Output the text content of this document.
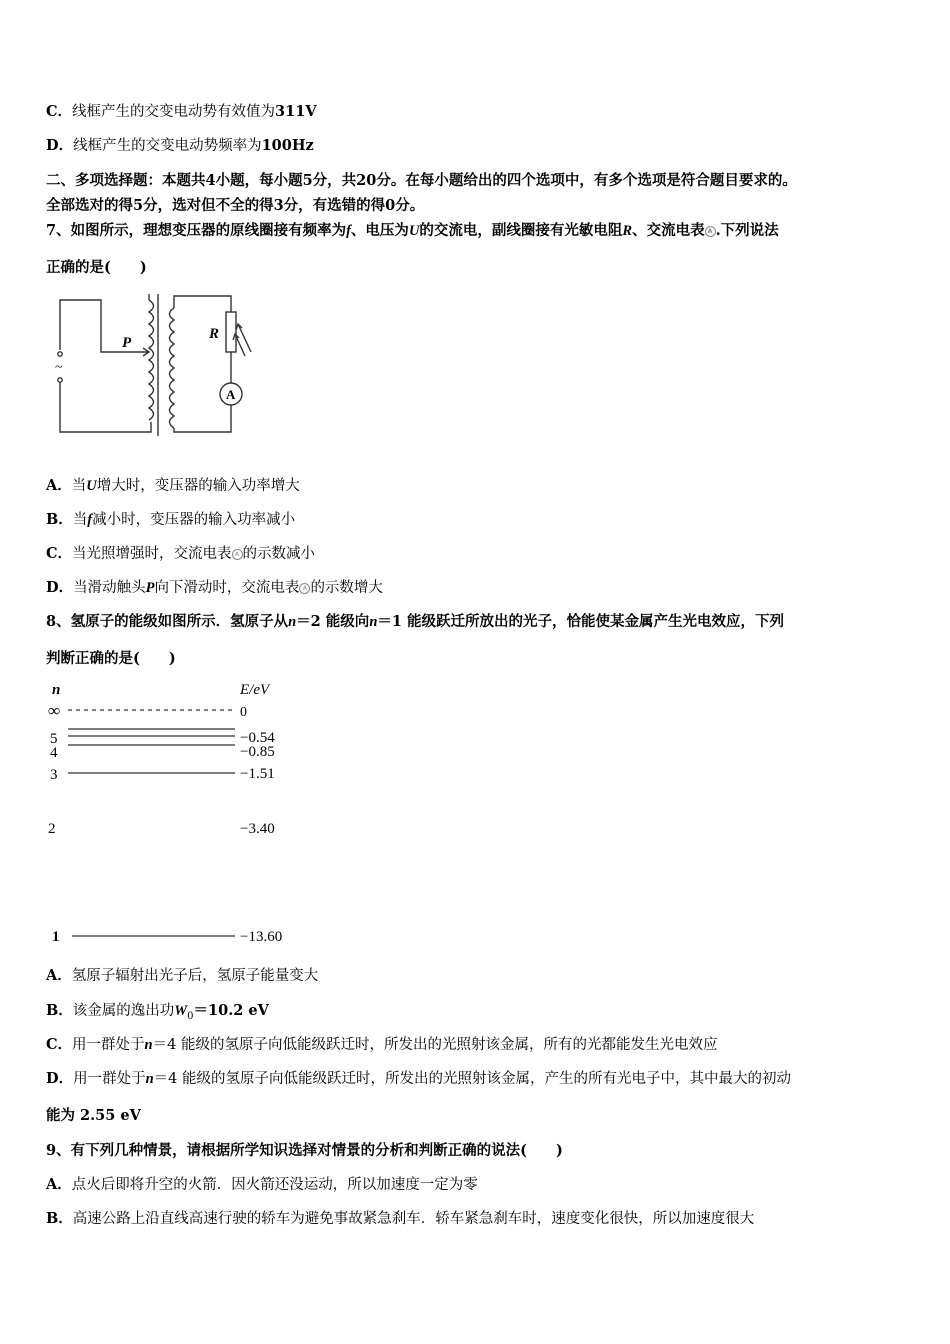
C．线框产生的交变电动势有效值为311V
D．线框产生的交变电动势频率为100Hz
二、多项选择题：本题共4小题，每小题5分，共20分。在每小题给出的四个选项中，有多个选项是符合题目要求的。
全部选对的得5分，选对但不全的得3分，有选错的得0分。
7、如图所示，理想变压器的原线圈接有频率为f、电压为U的交流电，副线圈接有光敏电阻R、交流电表 A .下列说法
正确的是(　　)
P
R
A
~
A．当U增大时，变压器的输入功率增大
B．当f减小时，变压器的输入功率减小
C．当光照增强时，交流电表 A 的示数减小
D．当滑动触头P向下滑动时，交流电表 A 的示数增大
8、氢原子的能级如图所示．氢原子从n＝2 能级向n＝1 能级跃迁所放出的光子，恰能使某金属产生光电效应，下列
判断正确的是(　　)
n	E/eV
∞	0
5	−0.54
4	−0.85
3	−1.51
2	−3.40
1	−13.60
A．氢原子辐射出光子后，氢原子能量变大
B．该金属的逸出功$W_0=10.2$ eV
C．用一群处于n＝4 能级的氢原子向低能级跃迁时，所发出的光照射该金属，所有的光都能发生光电效应
D．用一群处于n＝4 能级的氢原子向低能级跃迁时，所发出的光照射该金属，产生的所有光电子中，其中最大的初动
能为 2.55 eV
9、有下列几种情景，请根据所学知识选择对情景的分析和判断正确的说法(　　)
A．点火后即将升空的火箭．因火箭还没运动，所以加速度一定为零
B．高速公路上沿直线高速行驶的轿车为避免事故紧急刹车．轿车紧急刹车时，速度变化很快，所以加速度很大
